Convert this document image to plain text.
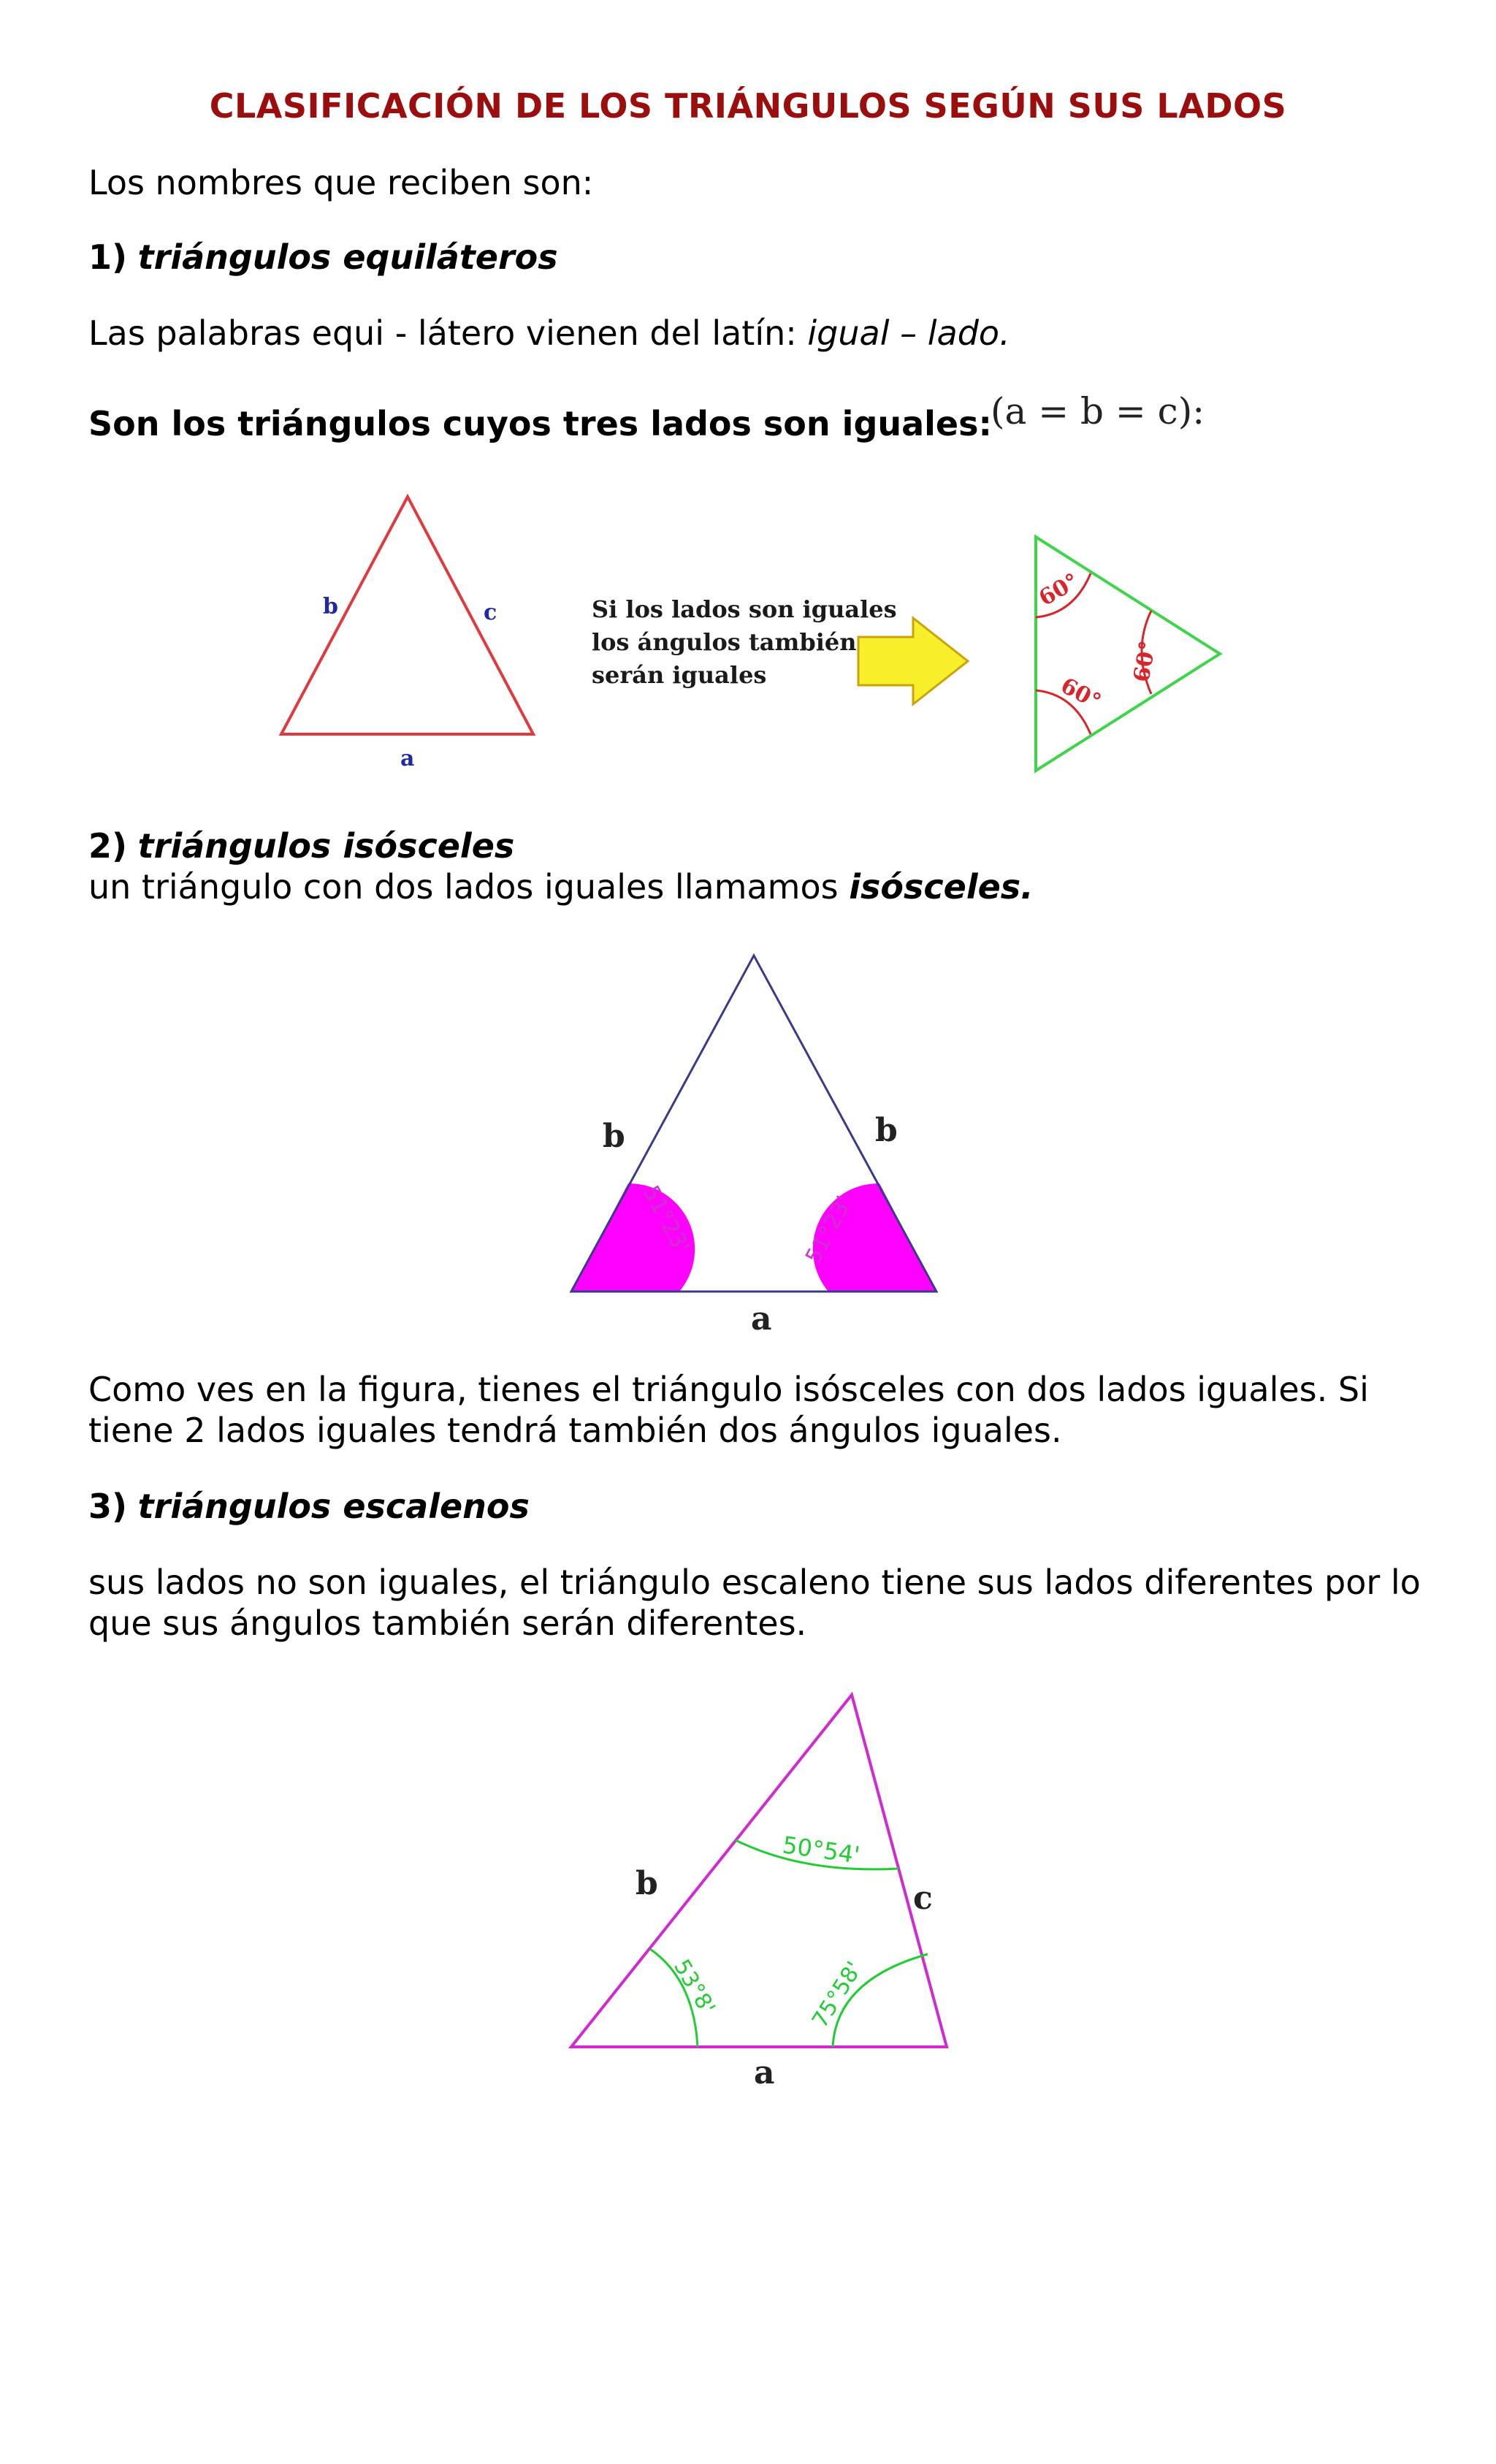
CLASIFICACIÓN DE LOS TRIÁNGULOS SEGÚN SUS LADOS
Los nombres que reciben son:
1) triángulos equiláteros
Las palabras equi - látero vienen del latín: igual – lado.
Son los triángulos cuyos tres lados son iguales:
(a = b = c):
b	c
a
Si los lados son iguales
los ángulos también
serán iguales
60°
60°
60°
2) triángulos isósceles
un triángulo con dos lados iguales llamamos isósceles.
b	b
a
51°23'	51°23'
Como ves en la figura, tienes el triángulo isósceles con dos lados iguales. Si
tiene 2 lados iguales tendrá también dos ángulos iguales.
3) triángulos escalenos
sus lados no son iguales, el triángulo escaleno tiene sus lados diferentes por lo
que sus ángulos también serán diferentes.
b	c
a
50°54'
53°8'	75°58'
